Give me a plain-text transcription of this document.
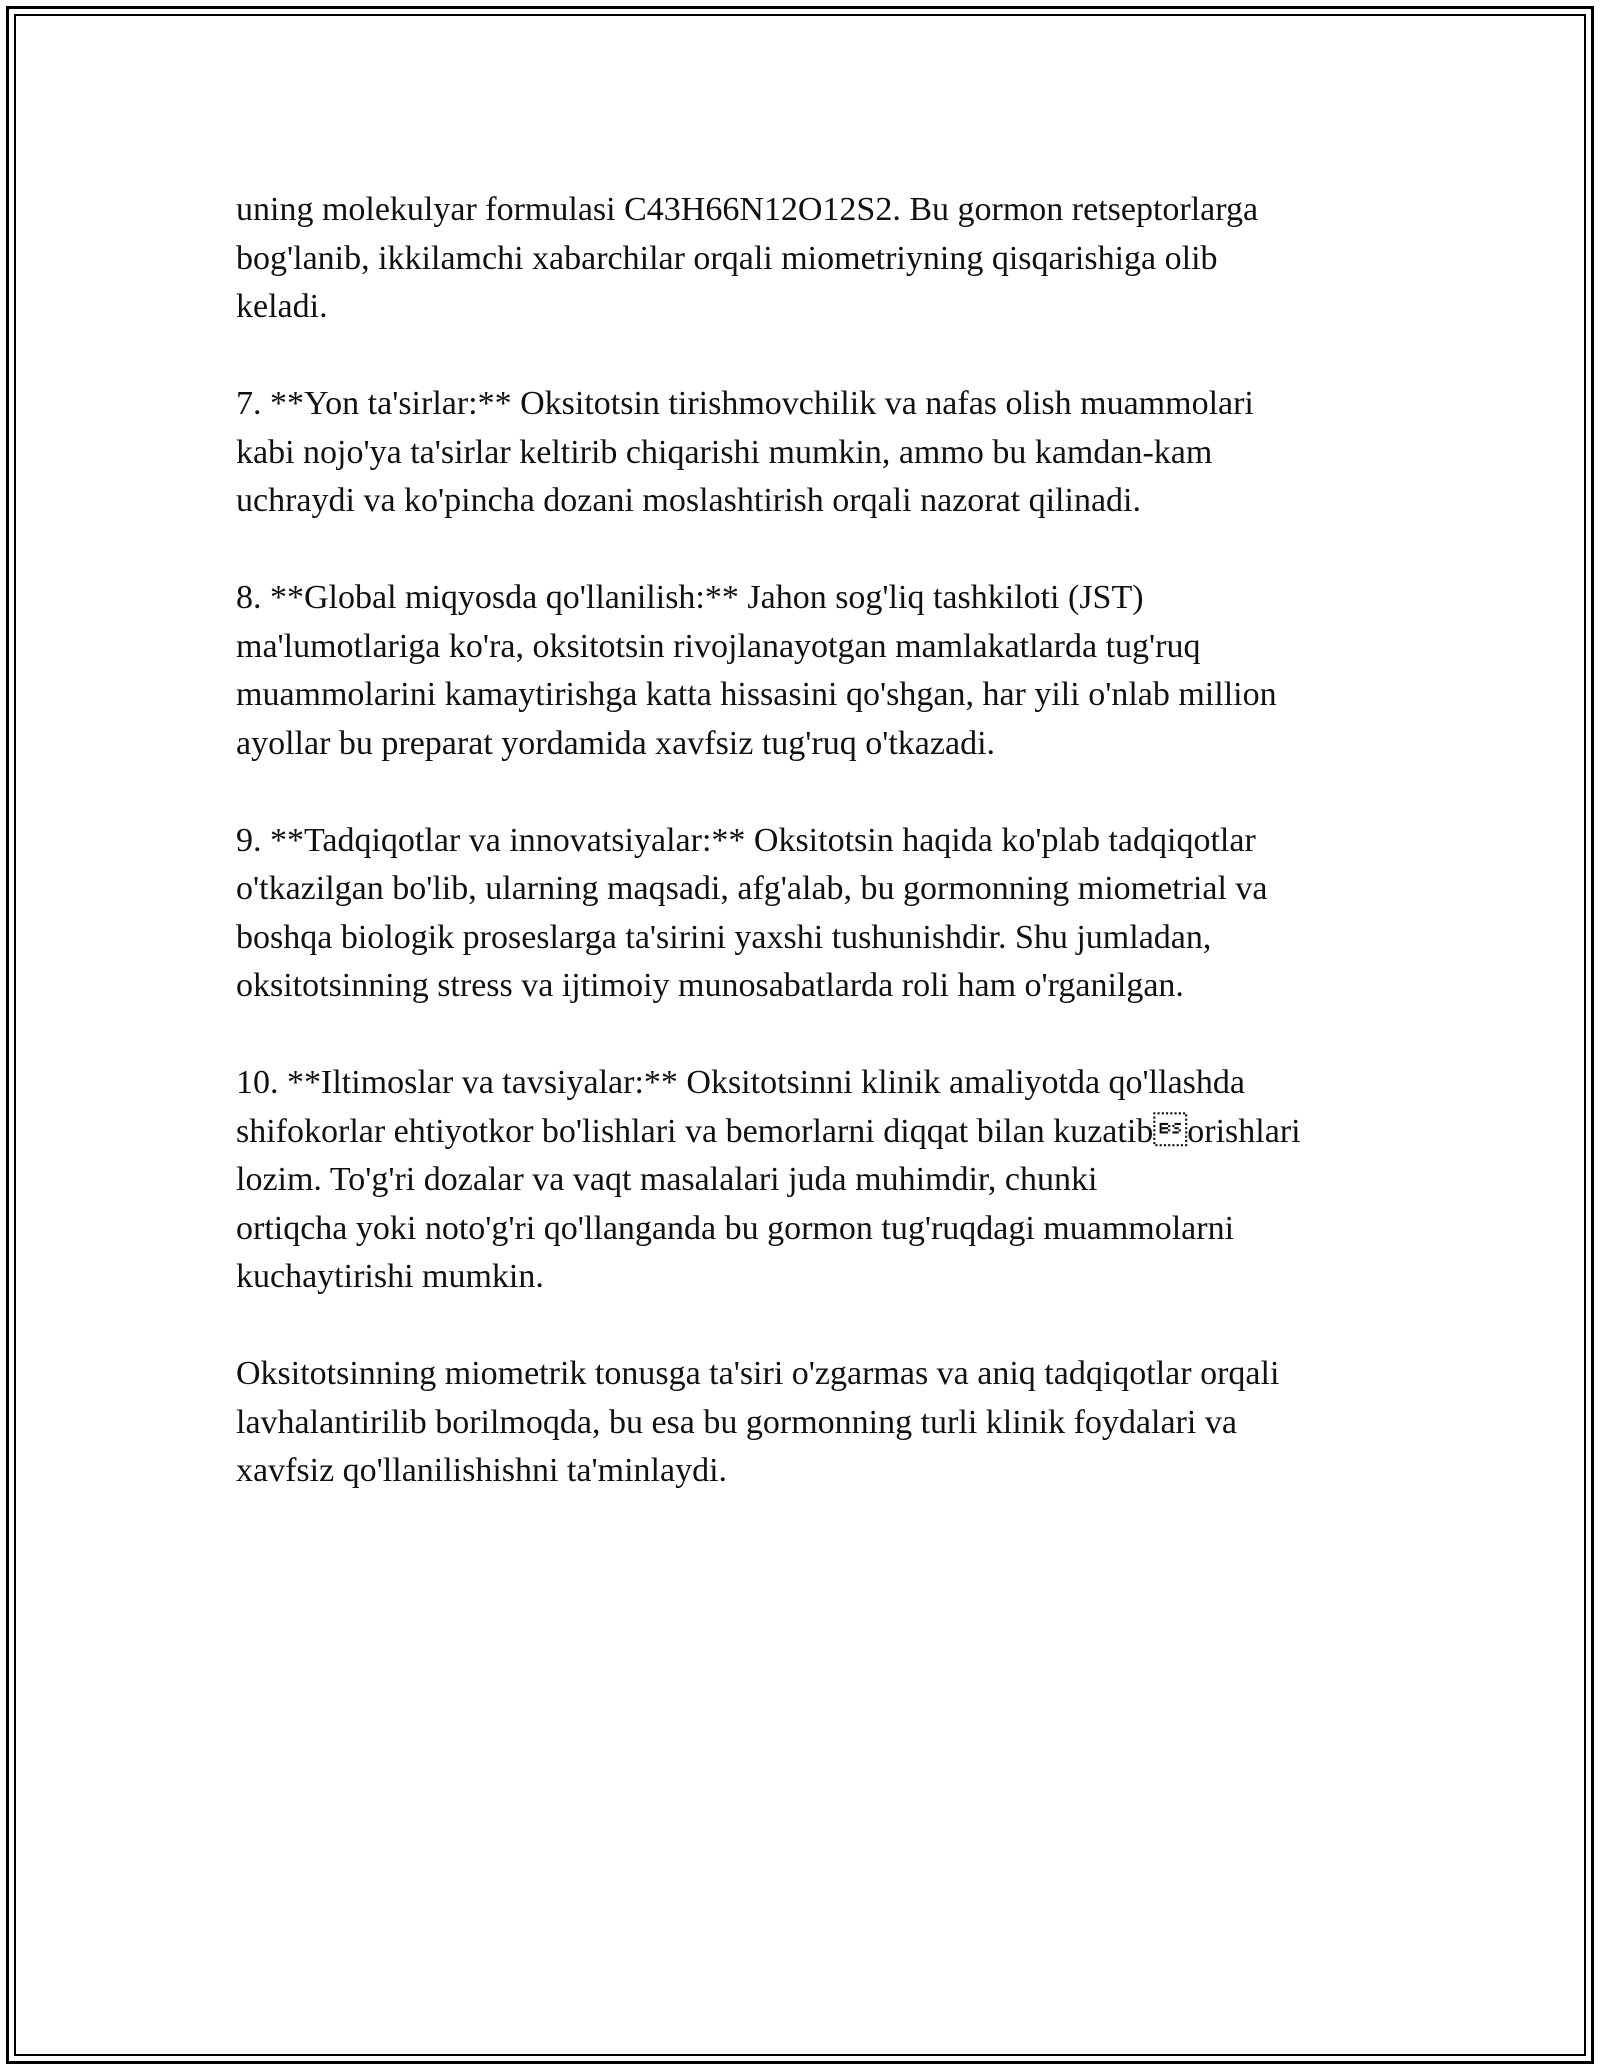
uning molekulyar formulasi C43H66N12O12S2. Bu gormon retseptorlarga
bog'lanib, ikkilamchi xabarchilar orqali miometriyning qisqarishiga olib
keladi.

7. **Yon ta'sirlar:** Oksitotsin tirishmovchilik va nafas olish muammolari
kabi nojo'ya ta'sirlar keltirib chiqarishi mumkin, ammo bu kamdan-kam
uchraydi va ko'pincha dozani moslashtirish orqali nazorat qilinadi.

8. **Global miqyosda qo'llanilish:** Jahon sog'liq tashkiloti (JST)
ma'lumotlariga ko'ra, oksitotsin rivojlanayotgan mamlakatlarda tug'ruq
muammolarini kamaytirishga katta hissasini qo'shgan, har yili o'nlab million
ayollar bu preparat yordamida xavfsiz tug'ruq o'tkazadi.

9. **Tadqiqotlar va innovatsiyalar:** Oksitotsin haqida ko'plab tadqiqotlar
o'tkazilgan bo'lib, ularning maqsadi, afg'alab, bu gormonning miometrial va
boshqa biologik proseslarga ta'sirini yaxshi tushunishdir. Shu jumladan,
oksitotsinning stress va ijtimoiy munosabatlarda roli ham o'rganilgan.

10. **Iltimoslar va tavsiyalar:** Oksitotsinni klinik amaliyotda qo'llashda
shifokorlar ehtiyotkor bo'lishlari va bemorlarni diqqat bilan kuzatiborishlari lozim. To'g'ri dozalar va vaqt masalalari juda muhimdir, chunki
ortiqcha yoki noto'g'ri qo'llanganda bu gormon tug'ruqdagi muammolarni
kuchaytirishi mumkin.

Oksitotsinning miometrik tonusga ta'siri o'zgarmas va aniq tadqiqotlar orqali
lavhalantirilib borilmoqda, bu esa bu gormonning turli klinik foydalari va
xavfsiz qo'llanilishishni ta'minlaydi.
